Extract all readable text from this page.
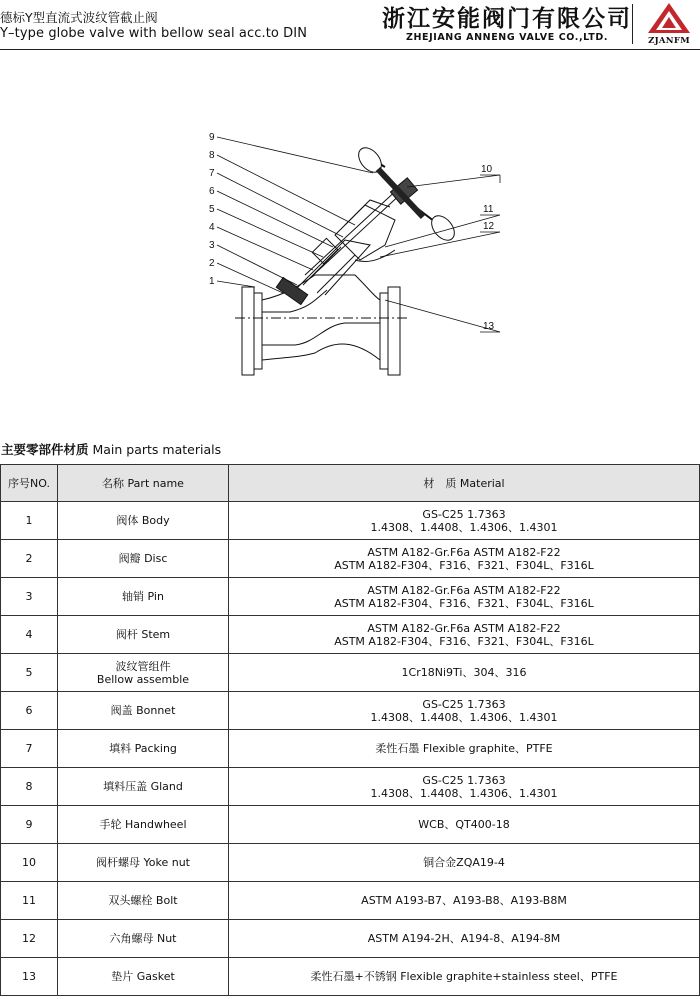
德标Y型直流式波纹管截止阀
Y–type globe valve with bellow seal acc.to DIN
浙江安能阀门有限公司
ZHEJIANG ANNENG VALVE CO.,LTD.	ZJANFM
9
8
7
6
5
4
3
2
1
10
11
12
13
主要零部件材质 Main parts materials
序号NO.	名称 Part name	材　质 Material

1	阀体 Body	GS-C25 1.7363
1.4308、1.4408、1.4306、1.4301

2	阀瓣 Disc	ASTM A182-Gr.F6a ASTM A182-F22
ASTM A182-F304、F316、F321、F304L、F316L

3	轴销 Pin	ASTM A182-Gr.F6a ASTM A182-F22
ASTM A182-F304、F316、F321、F304L、F316L

4	阀杆 Stem	ASTM A182-Gr.F6a ASTM A182-F22
ASTM A182-F304、F316、F321、F304L、F316L

5	波纹管组件
Bellow assemble	1Cr18Ni9Ti、304、316

6	阀盖 Bonnet	GS-C25 1.7363
1.4308、1.4408、1.4306、1.4301

7	填料 Packing	柔性石墨 Flexible graphite、PTFE

8	填料压盖 Gland	GS-C25 1.7363
1.4308、1.4408、1.4306、1.4301

9	手轮 Handwheel	WCB、QT400-18

10	阀杆螺母 Yoke nut	铜合金ZQA19-4

11	双头螺栓 Bolt	ASTM A193-B7、A193-B8、A193-B8M

12	六角螺母 Nut	ASTM A194-2H、A194-8、A194-8M

13	垫片 Gasket	柔性石墨+不锈钢 Flexible graphite+stainless steel、PTFE
